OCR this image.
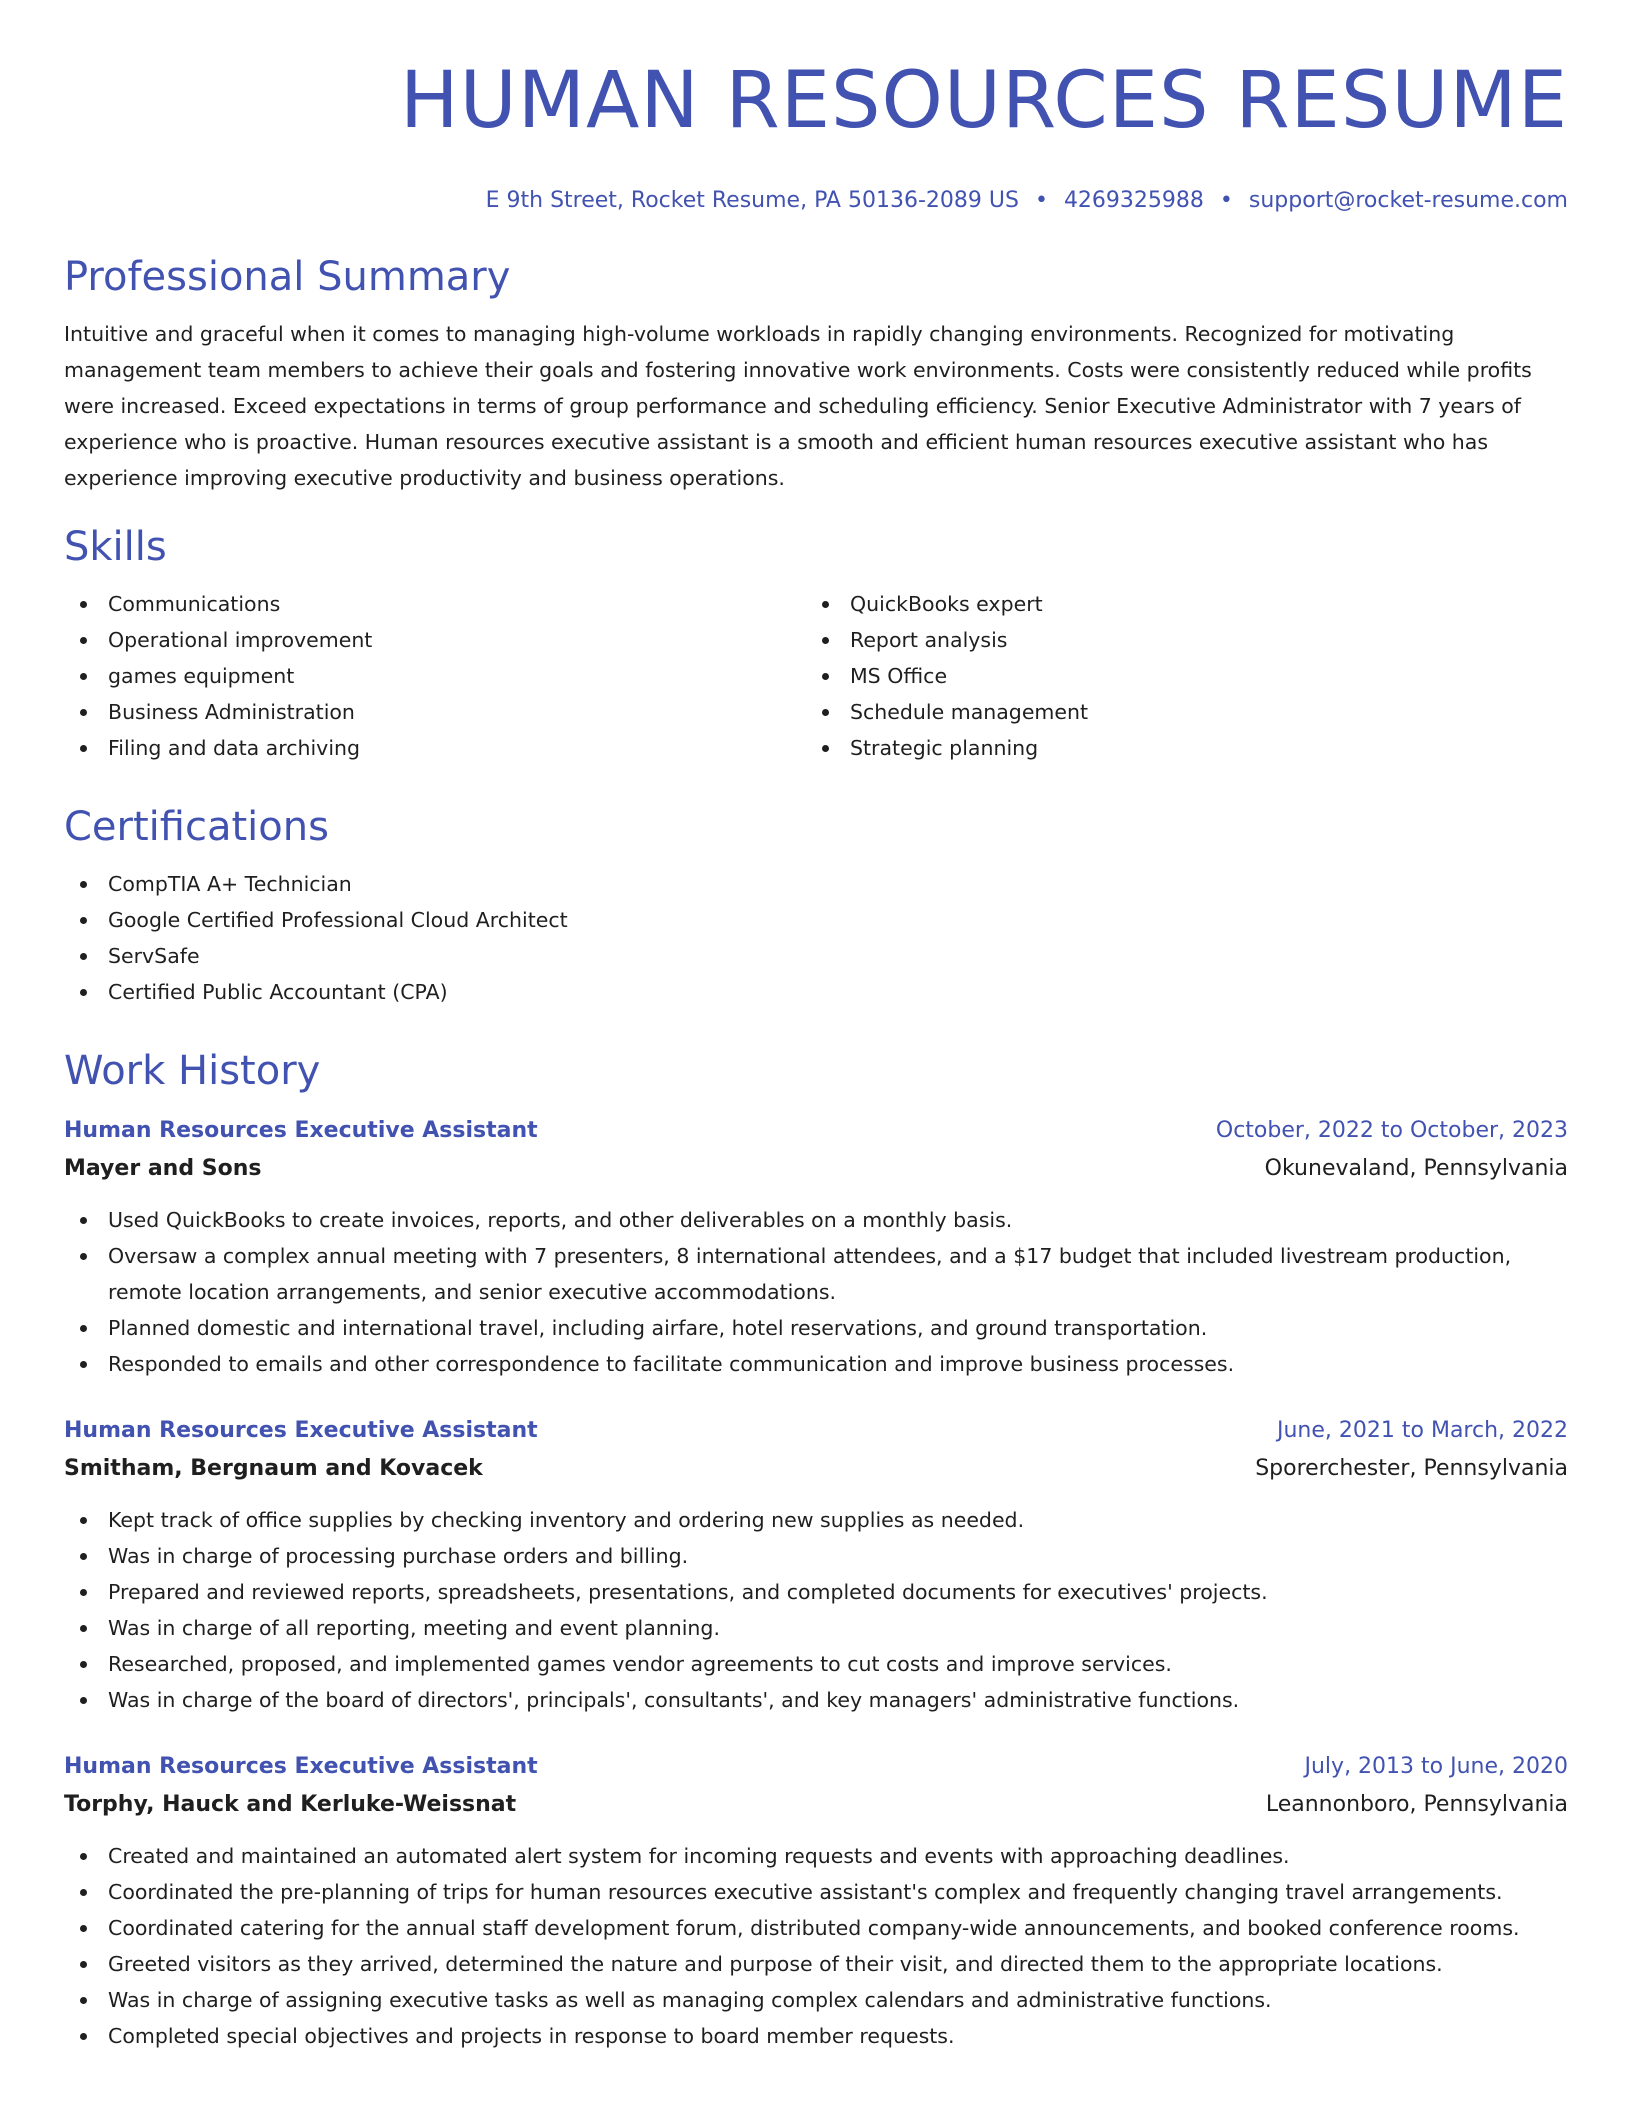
HUMAN RESOURCES RESUME
E 9th Street, Rocket Resume, PA 50136-2089 US • 4269325988 • support@rocket-resume.com
Professional Summary
Intuitive and graceful when it comes to managing high-volume workloads in rapidly changing environments. Recognized for motivating management team members to achieve their goals and fostering innovative work environments. Costs were consistently reduced while profits were increased. Exceed expectations in terms of group performance and scheduling efficiency. Senior Executive Administrator with 7 years of experience who is proactive. Human resources executive assistant is a smooth and efficient human resources executive assistant who has experience improving executive productivity and business operations.
Skills
Communications
Operational improvement
games equipment
Business Administration
Filing and data archiving
QuickBooks expert
Report analysis
MS Office
Schedule management
Strategic planning
Certifications
CompTIA A+ Technician
Google Certified Professional Cloud Architect
ServSafe
Certified Public Accountant (CPA)
Work History
Human Resources Executive Assistant	October, 2022 to October, 2023
Mayer and Sons	Okunevaland, Pennsylvania
Used QuickBooks to create invoices, reports, and other deliverables on a monthly basis.
Oversaw a complex annual meeting with 7 presenters, 8 international attendees, and a $17 budget that included livestream production, remote location arrangements, and senior executive accommodations.
Planned domestic and international travel, including airfare, hotel reservations, and ground transportation.
Responded to emails and other correspondence to facilitate communication and improve business processes.
Human Resources Executive Assistant	June, 2021 to March, 2022
Smitham, Bergnaum and Kovacek	Sporerchester, Pennsylvania
Kept track of office supplies by checking inventory and ordering new supplies as needed.
Was in charge of processing purchase orders and billing.
Prepared and reviewed reports, spreadsheets, presentations, and completed documents for executives' projects.
Was in charge of all reporting, meeting and event planning.
Researched, proposed, and implemented games vendor agreements to cut costs and improve services.
Was in charge of the board of directors', principals', consultants', and key managers' administrative functions.
Human Resources Executive Assistant	July, 2013 to June, 2020
Torphy, Hauck and Kerluke-Weissnat	Leannonboro, Pennsylvania
Created and maintained an automated alert system for incoming requests and events with approaching deadlines.
Coordinated the pre-planning of trips for human resources executive assistant's complex and frequently changing travel arrangements.
Coordinated catering for the annual staff development forum, distributed company-wide announcements, and booked conference rooms.
Greeted visitors as they arrived, determined the nature and purpose of their visit, and directed them to the appropriate locations.
Was in charge of assigning executive tasks as well as managing complex calendars and administrative functions.
Completed special objectives and projects in response to board member requests.
